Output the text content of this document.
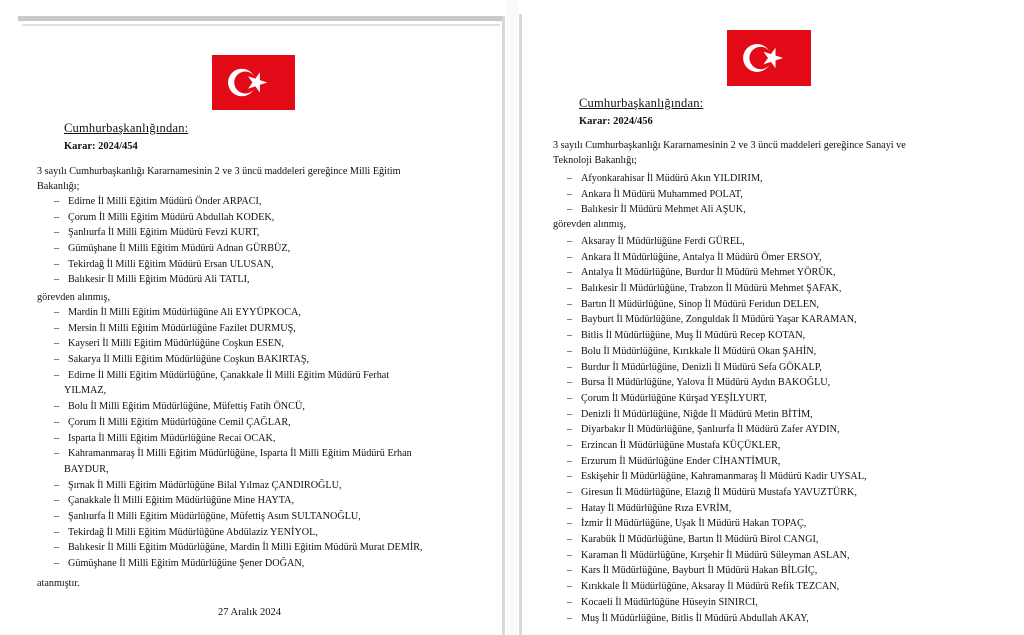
Cumhurbaşkanlığından:
Karar: 2024/454
3 sayılı Cumhurbaşkanlığı Kararnamesinin 2 ve 3 üncü maddeleri gereğince Milli Eğitim
Bakanlığı;
– Edirne İl Milli Eğitim Müdürü Önder ARPACI,
– Çorum İl Milli Eğitim Müdürü Abdullah KODEK,
– Şanlıurfa İl Milli Eğitim Müdürü Fevzi KURT,
– Gümüşhane İl Milli Eğitim Müdürü Adnan GÜRBÜZ,
– Tekirdağ İl Milli Eğitim Müdürü Ersan ULUSAN,
– Balıkesir İl Milli Eğitim Müdürü Ali TATLI,
görevden alınmış,
– Mardin İl Milli Eğitim Müdürlüğüne Ali EYYÜPKOCA,
– Mersin İl Milli Eğitim Müdürlüğüne Fazilet DURMUŞ,
– Kayseri İl Milli Eğitim Müdürlüğüne Coşkun ESEN,
– Sakarya İl Milli Eğitim Müdürlüğüne Coşkun BAKIRTAŞ,
– Edirne İl Milli Eğitim Müdürlüğüne, Çanakkale İl Milli Eğitim Müdürü Ferhat
YILMAZ,
– Bolu İl Milli Eğitim Müdürlüğüne, Müfettiş Fatih ÖNCÜ,
– Çorum İl Milli Eğitim Müdürlüğüne Cemil ÇAĞLAR,
– Isparta İl Milli Eğitim Müdürlüğüne Recai OCAK,
– Kahramanmaraş İl Milli Eğitim Müdürlüğüne, Isparta İl Milli Eğitim Müdürü Erhan
BAYDUR,
– Şırnak İl Milli Eğitim Müdürlüğüne Bilal Yılmaz ÇANDIROĞLU,
– Çanakkale İl Milli Eğitim Müdürlüğüne Mine HAYTA,
– Şanlıurfa İl Milli Eğitim Müdürlüğüne, Müfettiş Asım SULTANOĞLU,
– Tekirdağ İl Milli Eğitim Müdürlüğüne Abdülaziz YENİYOL,
– Balıkesir İl Milli Eğitim Müdürlüğüne, Mardin İl Milli Eğitim Müdürü Murat DEMİR,
– Gümüşhane İl Milli Eğitim Müdürlüğüne Şener DOĞAN,
atanmıştır.
27 Aralık 2024
Cumhurbaşkanlığından:
Karar: 2024/456
3 sayılı Cumhurbaşkanlığı Kararnamesinin 2 ve 3 üncü maddeleri gereğince Sanayi ve
Teknoloji Bakanlığı;
– Afyonkarahisar İl Müdürü Akın YILDIRIM,
– Ankara İl Müdürü Muhammed POLAT,
– Balıkesir İl Müdürü Mehmet Ali AŞUK,
görevden alınmış,
– Aksaray İl Müdürlüğüne Ferdi GÜREL,
– Ankara İl Müdürlüğüne, Antalya İl Müdürü Ömer ERSOY,
– Antalya İl Müdürlüğüne, Burdur İl Müdürü Mehmet YÖRÜK,
– Balıkesir İl Müdürlüğüne, Trabzon İl Müdürü Mehmet ŞAFAK,
– Bartın İl Müdürlüğüne, Sinop İl Müdürü Feridun DELEN,
– Bayburt İl Müdürlüğüne, Zonguldak İl Müdürü Yaşar KARAMAN,
– Bitlis İl Müdürlüğüne, Muş İl Müdürü Recep KOTAN,
– Bolu İl Müdürlüğüne, Kırıkkale İl Müdürü Okan ŞAHİN,
– Burdur İl Müdürlüğüne, Denizli İl Müdürü Sefa GÖKALP,
– Bursa İl Müdürlüğüne, Yalova İl Müdürü Aydın BAKOĞLU,
– Çorum İl Müdürlüğüne Kürşad YEŞİLYURT,
– Denizli İl Müdürlüğüne, Niğde İl Müdürü Metin BİTİM,
– Diyarbakır İl Müdürlüğüne, Şanlıurfa İl Müdürü Zafer AYDIN,
– Erzincan İl Müdürlüğüne Mustafa KÜÇÜKLER,
– Erzurum İl Müdürlüğüne Ender CİHANTİMUR,
– Eskişehir İl Müdürlüğüne, Kahramanmaraş İl Müdürü Kadir UYSAL,
– Giresun İl Müdürlüğüne, Elazığ İl Müdürü Mustafa YAVUZTÜRK,
– Hatay İl Müdürlüğüne Rıza EVRİM,
– İzmir İl Müdürlüğüne, Uşak İl Müdürü Hakan TOPAÇ,
– Karabük İl Müdürlüğüne, Bartın İl Müdürü Birol CANGI,
– Karaman İl Müdürlüğüne, Kırşehir İl Müdürü Süleyman ASLAN,
– Kars İl Müdürlüğüne, Bayburt İl Müdürü Hakan BİLGİÇ,
– Kırıkkale İl Müdürlüğüne, Aksaray İl Müdürü Refik TEZCAN,
– Kocaeli İl Müdürlüğüne Hüseyin SINIRCI,
– Muş İl Müdürlüğüne, Bitlis İl Müdürü Abdullah AKAY,
